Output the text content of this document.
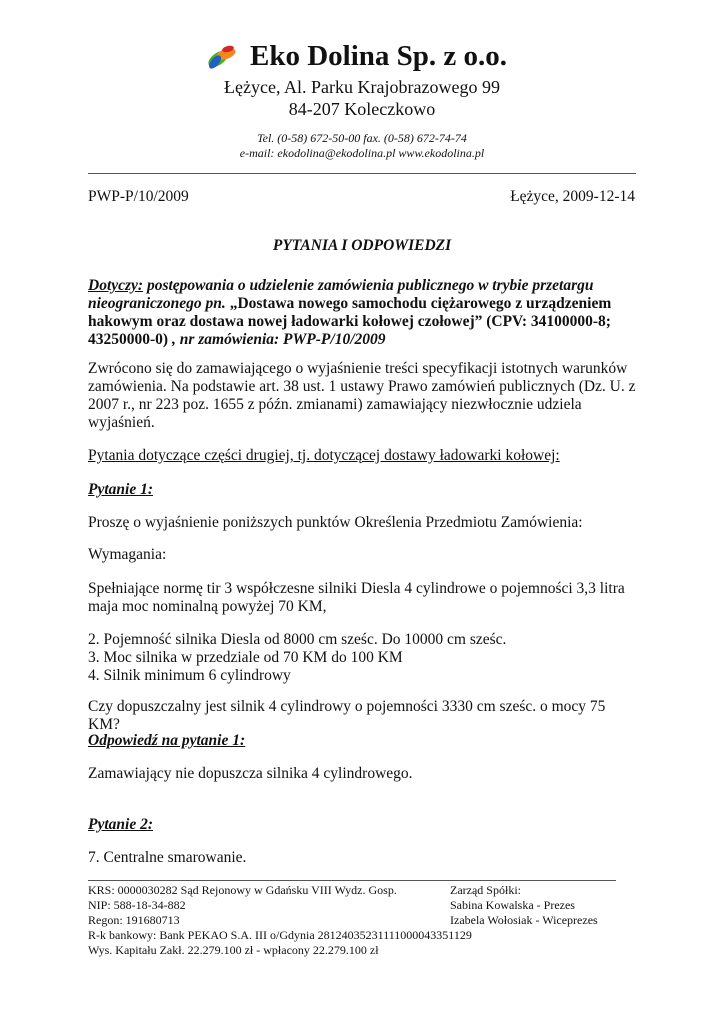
Eko Dolina Sp. z o.o.
Łężyce, Al. Parku Krajobrazowego 99
84-207 Koleczkowo
Tel. (0-58) 672-50-00 fax. (0-58) 672-74-74
e-mail: ekodolina@ekodolina.pl www.ekodolina.pl
PWP-P/10/2009	Łężyce, 2009-12-14
PYTANIA I ODPOWIEDZI
Dotyczy: postępowania o udzielenie zamówienia publicznego w trybie przetargu nieograniczonego pn. „Dostawa nowego samochodu ciężarowego z urządzeniem hakowym oraz dostawa nowej ładowarki kołowej czołowej” (CPV: 34100000-8; 43250000-0) , nr zamówienia: PWP-P/10/2009
Zwrócono się do zamawiającego o wyjaśnienie treści specyfikacji istotnych warunków zamówienia. Na podstawie art. 38 ust. 1 ustawy Prawo zamówień publicznych (Dz. U. z 2007 r., nr 223 poz. 1655 z późn. zmianami) zamawiający niezwłocznie udziela wyjaśnień.
Pytania dotyczące części drugiej, tj. dotyczącej dostawy ładowarki kołowej:
Pytanie 1:
Proszę o wyjaśnienie poniższych punktów Określenia Przedmiotu Zamówienia:
Wymagania:
Spełniające normę tir 3 współczesne silniki Diesla 4 cylindrowe o pojemności 3,3 litra maja moc nominalną powyżej 70 KM,
2. Pojemność silnika Diesla od 8000 cm sześc. Do 10000 cm sześc.
3. Moc silnika w przedziale od 70 KM do 100 KM
4. Silnik minimum 6 cylindrowy
Czy dopuszczalny jest silnik 4 cylindrowy o pojemności 3330 cm sześc. o mocy 75 KM?
Odpowiedź na pytanie 1:
Zamawiający nie dopuszcza silnika 4 cylindrowego.
Pytanie 2:
7. Centralne smarowanie.
KRS: 0000030282 Sąd Rejonowy w Gdańsku VIII Wydz. Gosp.
NIP: 588-18-34-882
Regon: 191680713
R-k bankowy: Bank PEKAO S.A. III o/Gdynia 28124035231111000043351129
Wys. Kapitału Zakł. 22.279.100 zł - wpłacony 22.279.100 zł
Zarząd Spółki:
Sabina Kowalska - Prezes
Izabela Wołosiak - Wiceprezes
